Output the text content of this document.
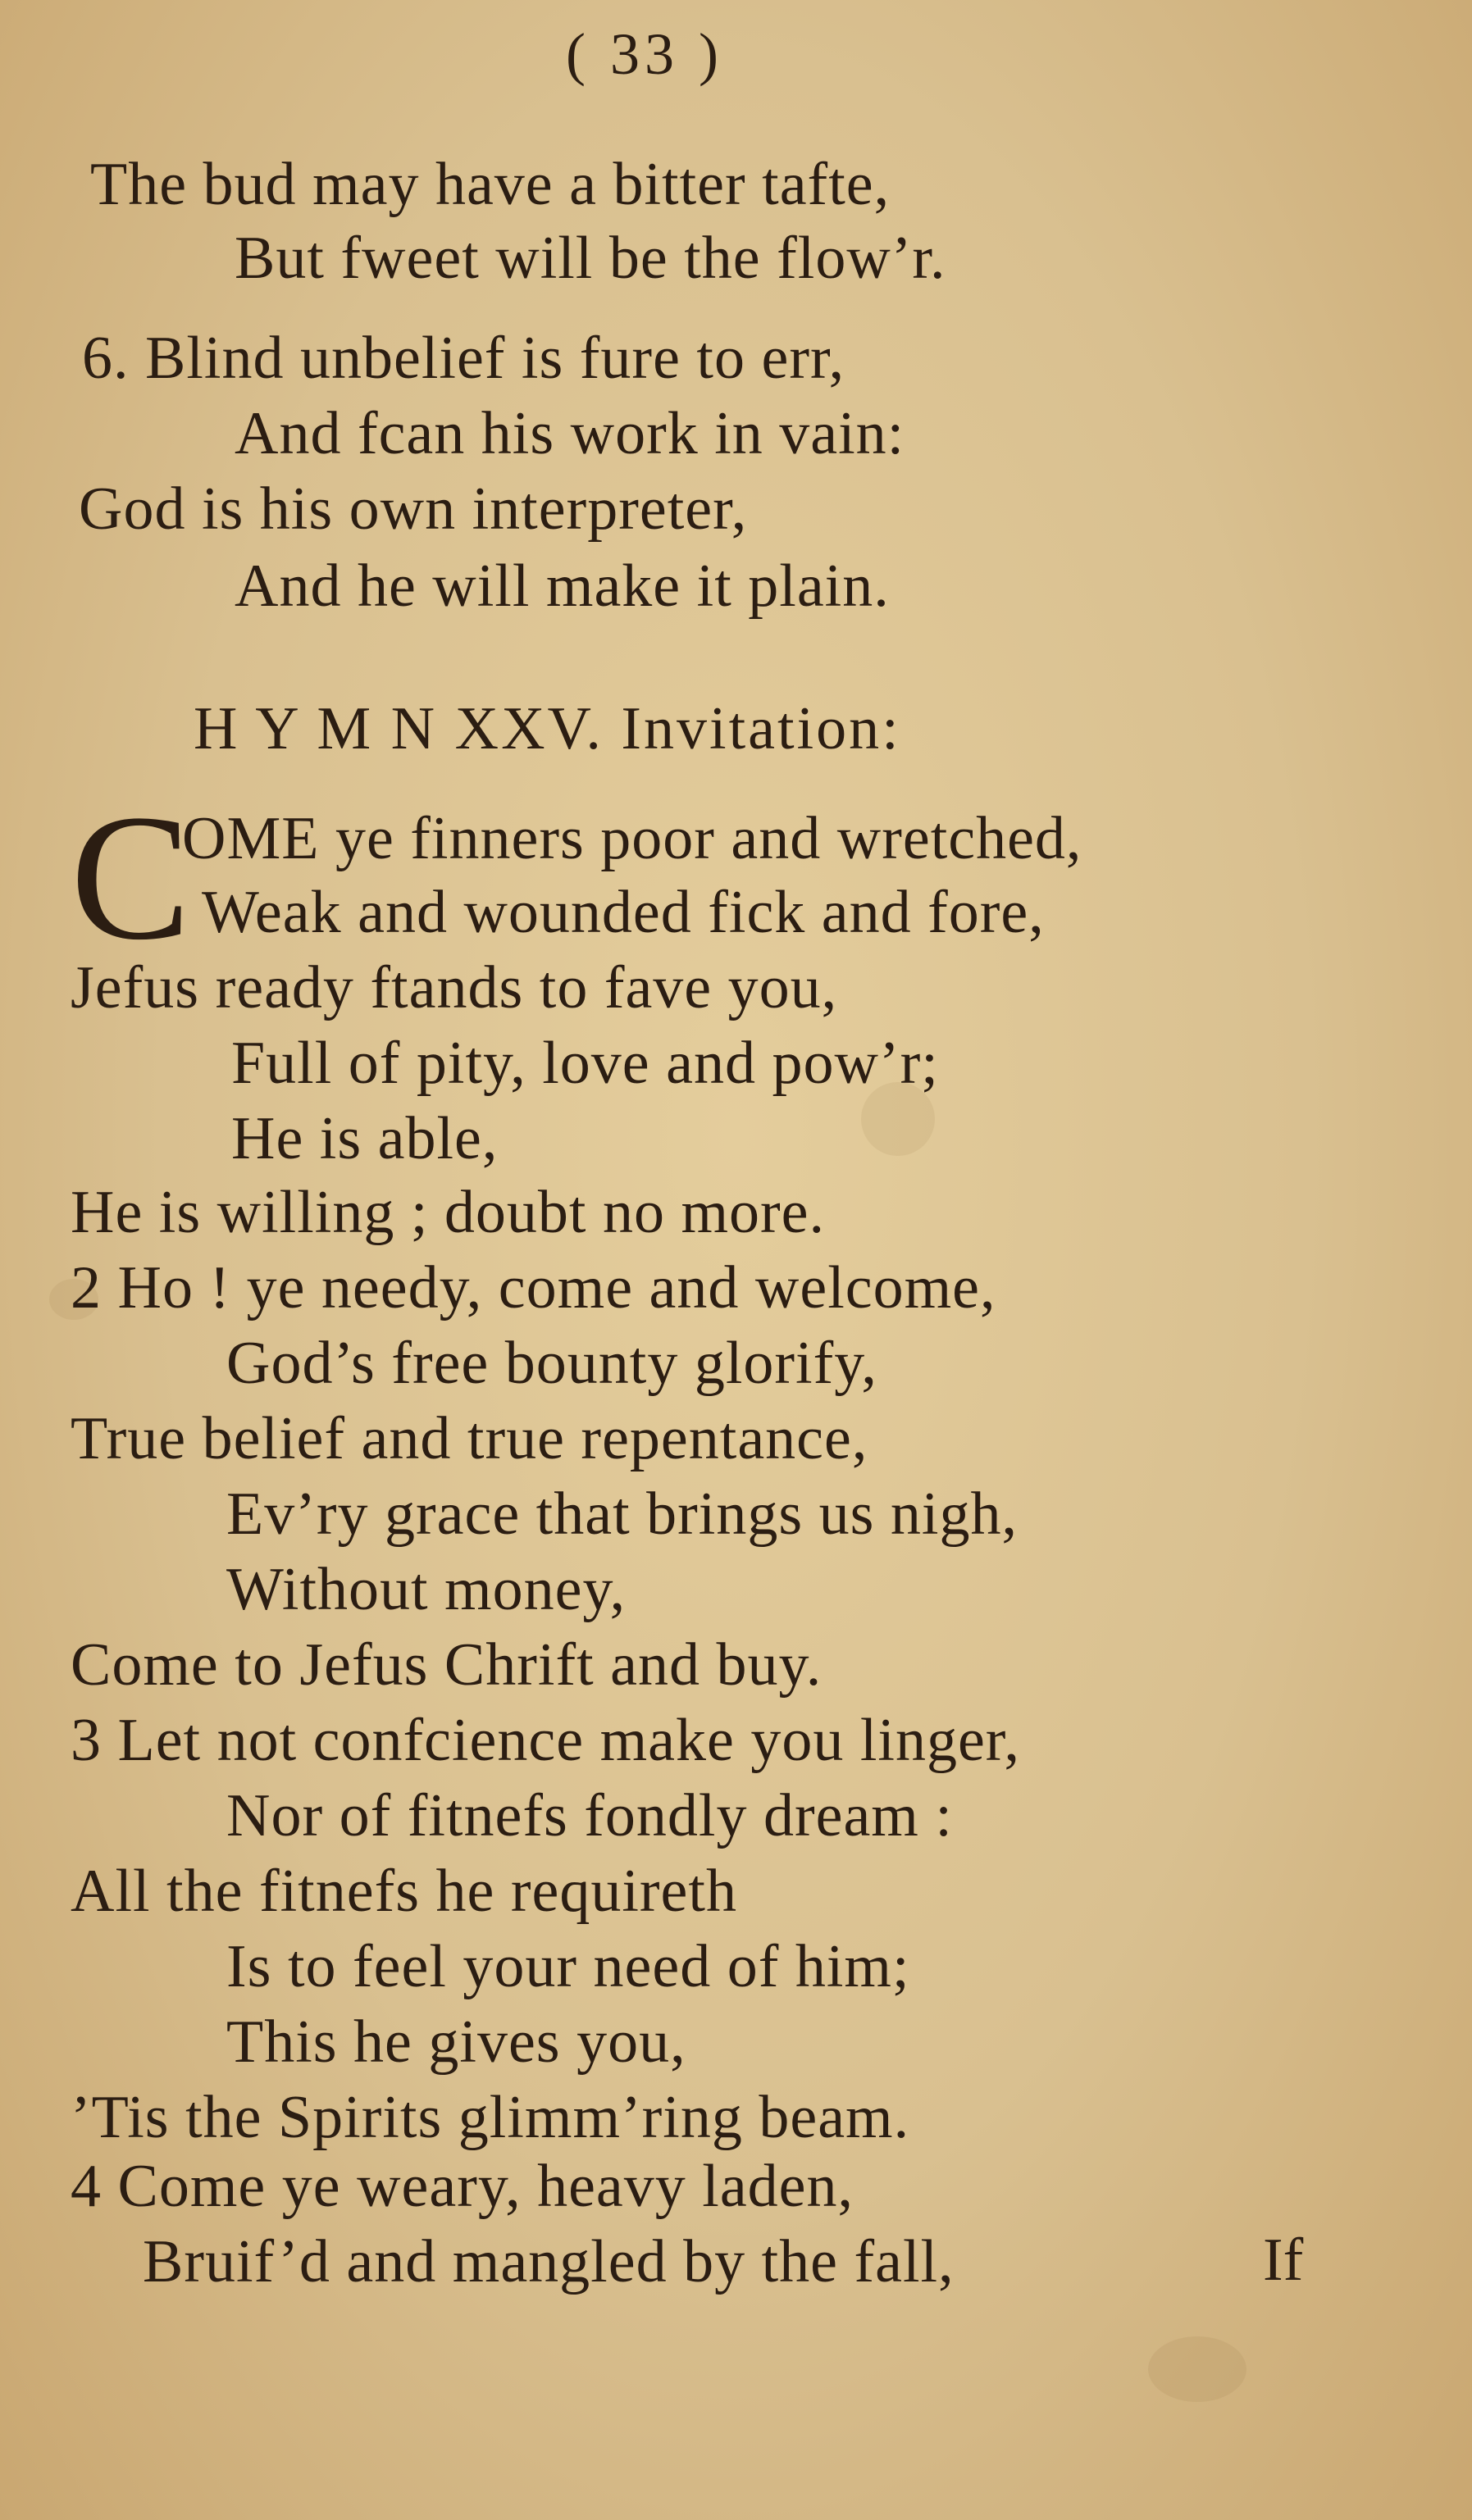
( 33 )
The bud may have a bitter tafte,
But fweet will be the flow’r.
6. Blind unbelief is fure to err,
And fcan his work in vain:
God is his own interpreter,
And he will make it plain.
H Y M N XXV. Invitation:
C
OME ye finners poor and wretched,
Weak and wounded fick and fore,
Jefus ready ftands to fave you,
Full of pity, love and pow’r;
He is able,
He is willing ; doubt no more.
2 Ho ! ye needy, come and welcome,
God’s free bounty glorify,
True belief and true repentance,
Ev’ry grace that brings us nigh,
Without money,
Come to Jefus Chrift and buy.
3 Let not confcience make you linger,
Nor of fitnefs fondly dream :
All the fitnefs he requireth
Is to feel your need of him;
This he gives you,
’Tis the Spirits glimm’ring beam.
4 Come ye weary, heavy laden,
Bruif’d and mangled by the fall,	If
